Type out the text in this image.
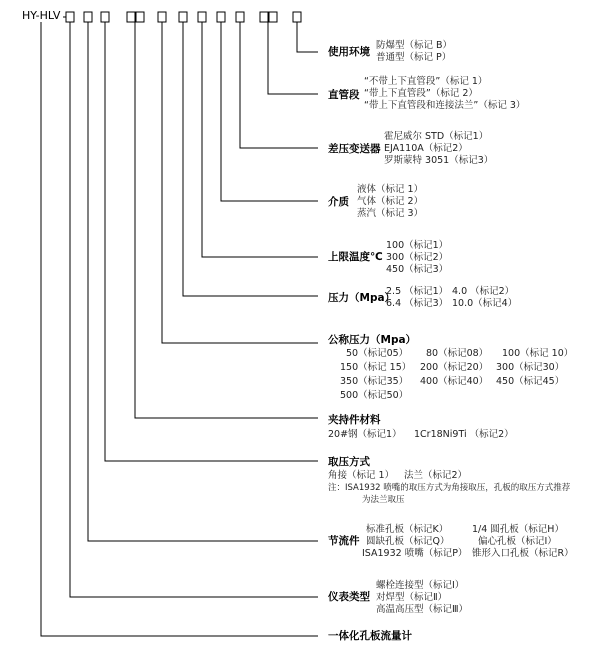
HY-HLV
使用环境
防爆型（标记 B）
普通型（标记 P）
直管段
“不带上下直管段”（标记 1）
“带上下直管段”（标记 2）
“带上下直管段和连接法兰”（标记 3）
差压变送器
霍尼威尔 STD（标记1）
EJA110A（标记2）
罗斯蒙特 3051（标记3）
介质
液体（标记 1）
气体（标记 2）
蒸汽（标记 3）
上限温度℃
100（标记1）
300（标记2）
450（标记3）
压力（Mpa）
2.5 （标记1） 4.0 （标记2）
6.4 （标记3） 10.0（标记4）
公称压力（Mpa）
50（标记05） 80（标记08） 100（标记 10）
150（标记 15） 200（标记20） 300（标记30）
350（标记35） 400（标记40） 450（标记45）
500（标记50）
夹持件材料
20#钢（标记1） 1Cr18Ni9Ti （标记2）
取压方式
角接（标记 1） 法兰（标记2）
注：ISA1932 喷嘴的取压方式为角接取压，孔板的取压方式推荐
为法兰取压
节流件
标准孔板（标记K）	1/4 圆孔板（标记H）
圆缺孔板（标记Q）	偏心孔板（标记I）
ISA1932 喷嘴（标记P） 锥形入口孔板（标记R）
仪表类型
螺栓连接型（标记Ⅰ）
对焊型（标记Ⅱ）
高温高压型（标记Ⅲ）
一体化孔板流量计
